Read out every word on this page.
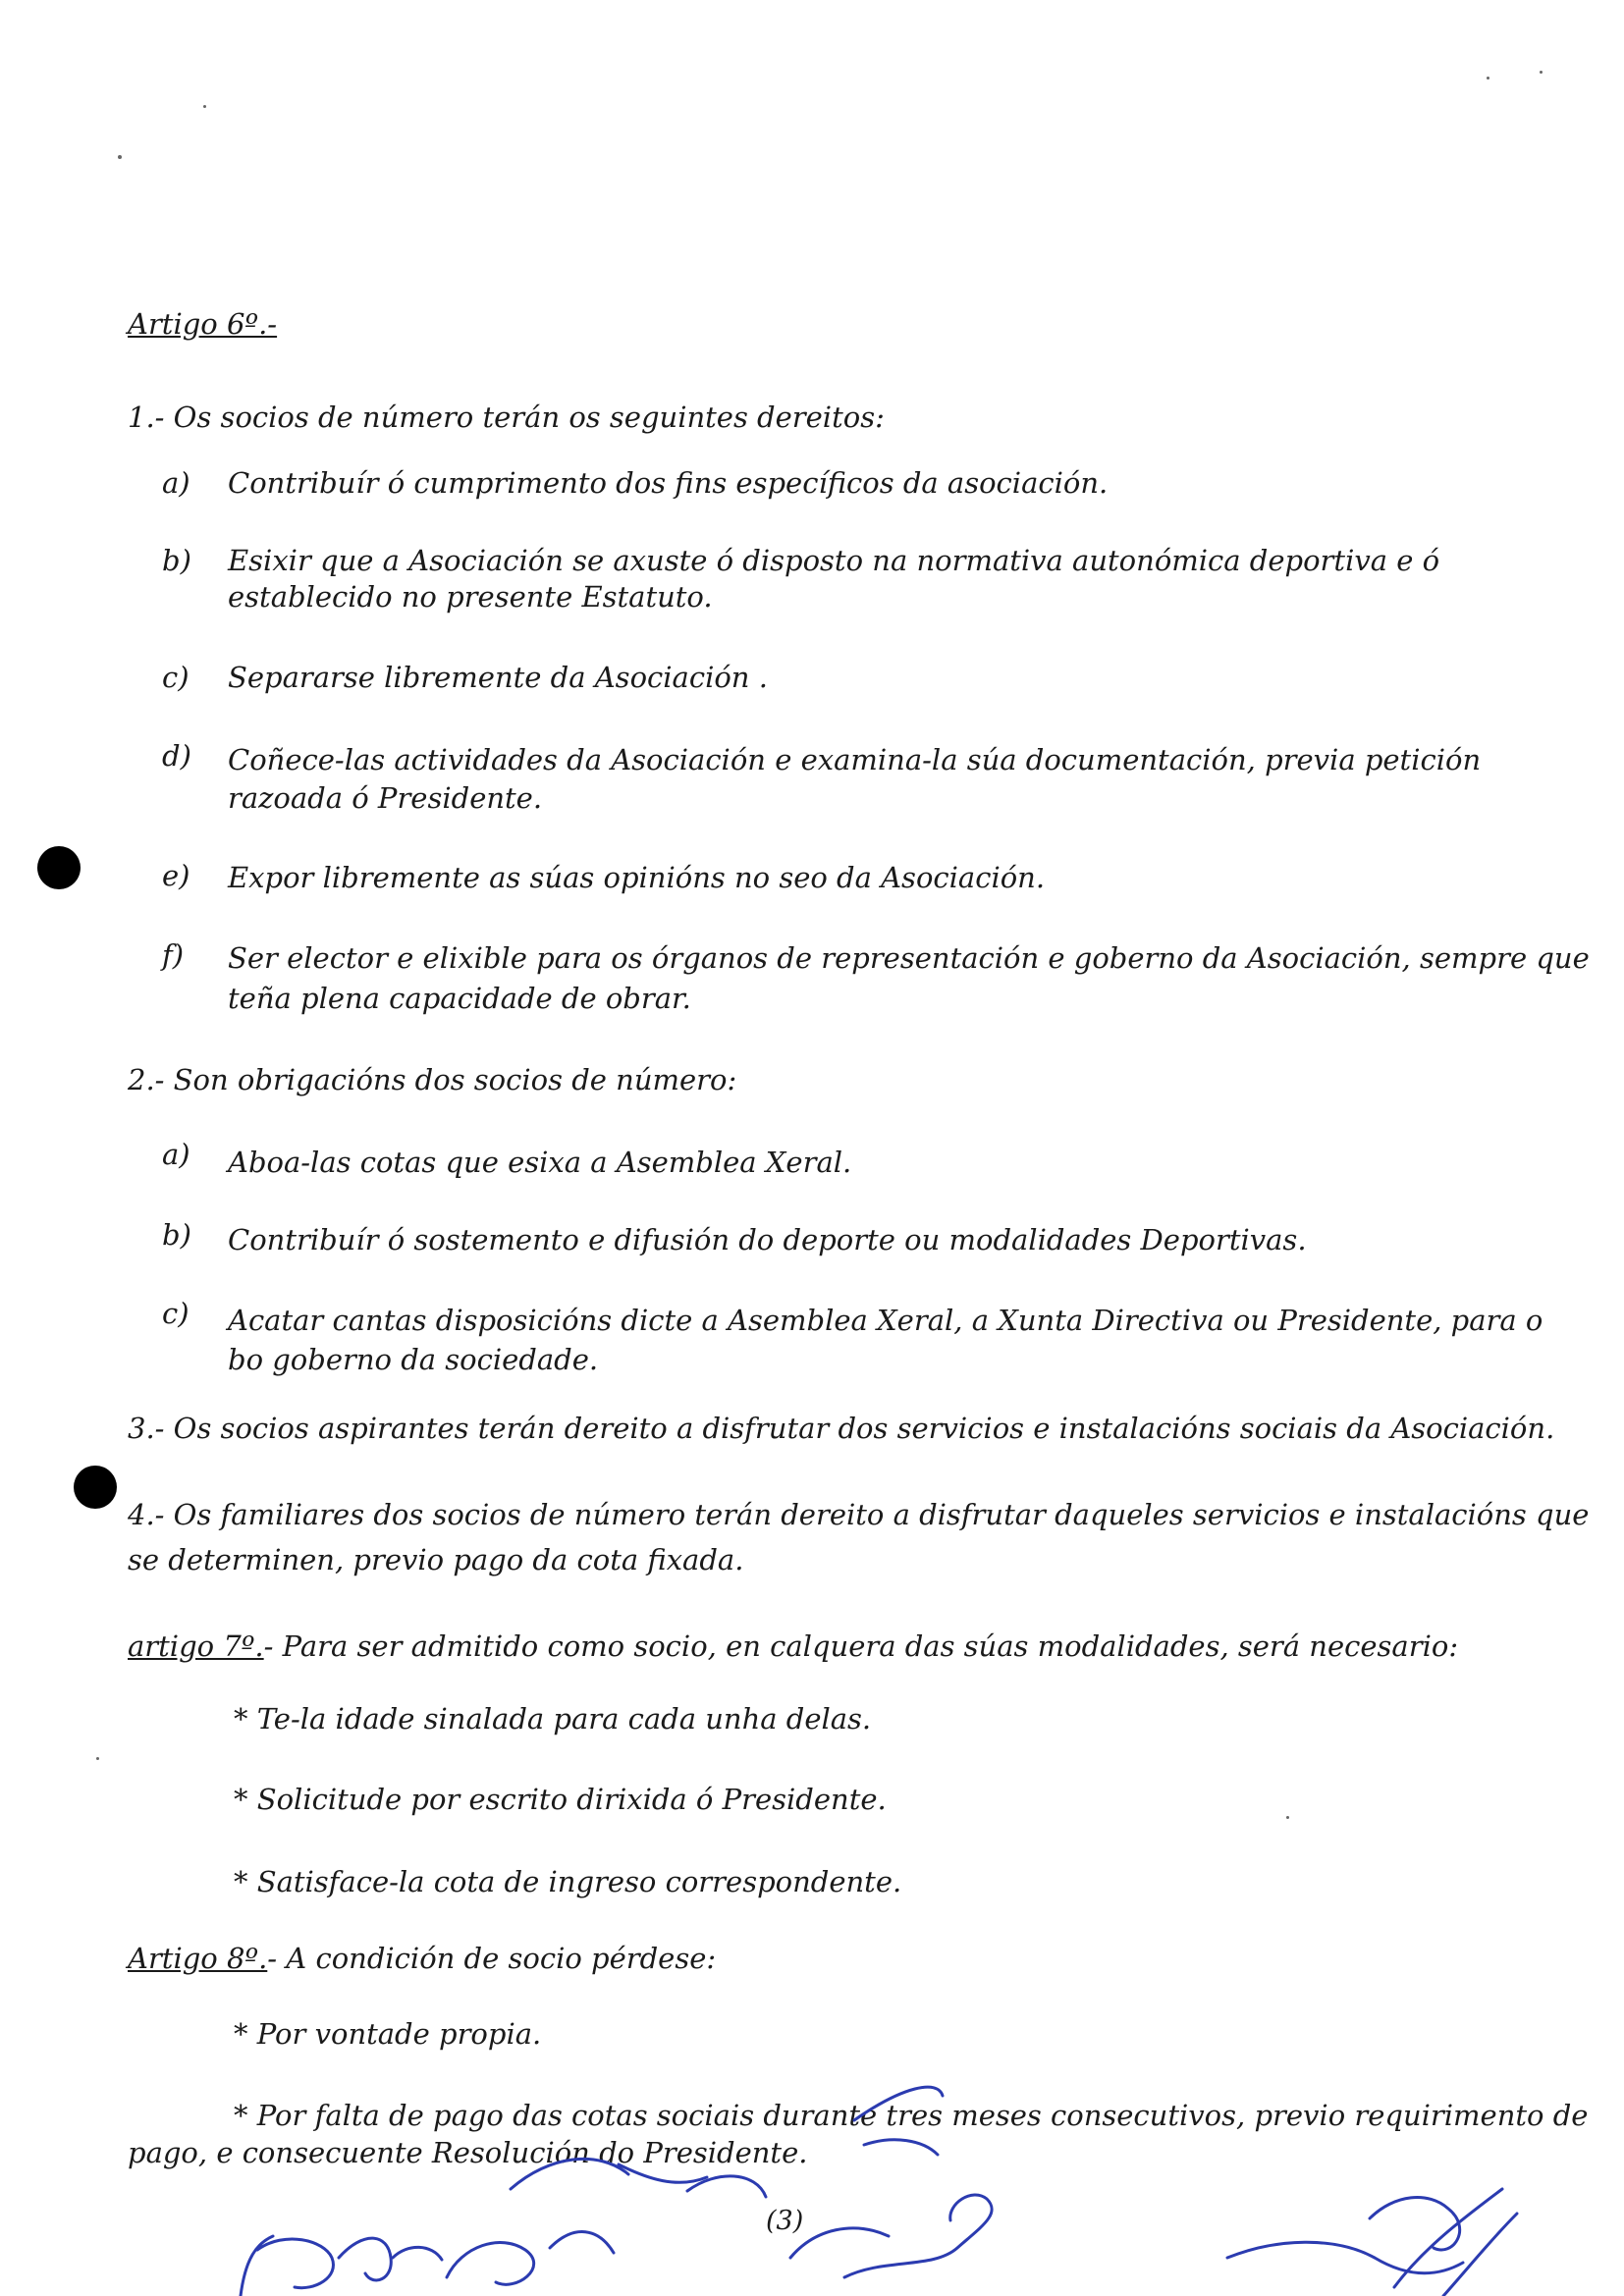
Artigo 6º.-
1.- Os socios de número terán os seguintes dereitos:
a) Contribuír ó cumprimento dos fins específicos da asociación.
b) Esixir que a Asociación se axuste ó disposto na normativa autonómica deportiva e ó
establecido no presente Estatuto.
c) Separarse libremente da Asociación .
d) Coñece-las actividades da Asociación e examina-la súa documentación, previa petición
razoada ó Presidente.
e) Expor libremente as súas opinións no seo da Asociación.
f) Ser elector e elixible para os órganos de representación e goberno da Asociación, sempre que
teña plena capacidade de obrar.
2.- Son obrigacións dos socios de número:
a) Aboa-las cotas que esixa a Asemblea Xeral.
b) Contribuír ó sostemento e difusión do deporte ou modalidades Deportivas.
c) Acatar cantas disposicións dicte a Asemblea Xeral, a Xunta Directiva ou Presidente, para o
bo goberno da sociedade.
3.- Os socios aspirantes terán dereito a disfrutar dos servicios e instalacións sociais da Asociación.
4.- Os familiares dos socios de número terán dereito a disfrutar daqueles servicios e instalacións que
se determinen, previo pago da cota fixada.
artigo 7º.- Para ser admitido como socio, en calquera das súas modalidades, será necesario:
* Te-la idade sinalada para cada unha delas.
* Solicitude por escrito dirixida ó Presidente.
* Satisface-la cota de ingreso correspondente.
Artigo 8º.- A condición de socio pérdese:
* Por vontade propia.
* Por falta de pago das cotas sociais durante tres meses consecutivos, previo requirimento de
pago, e consecuente Resolución do Presidente.
(3)
